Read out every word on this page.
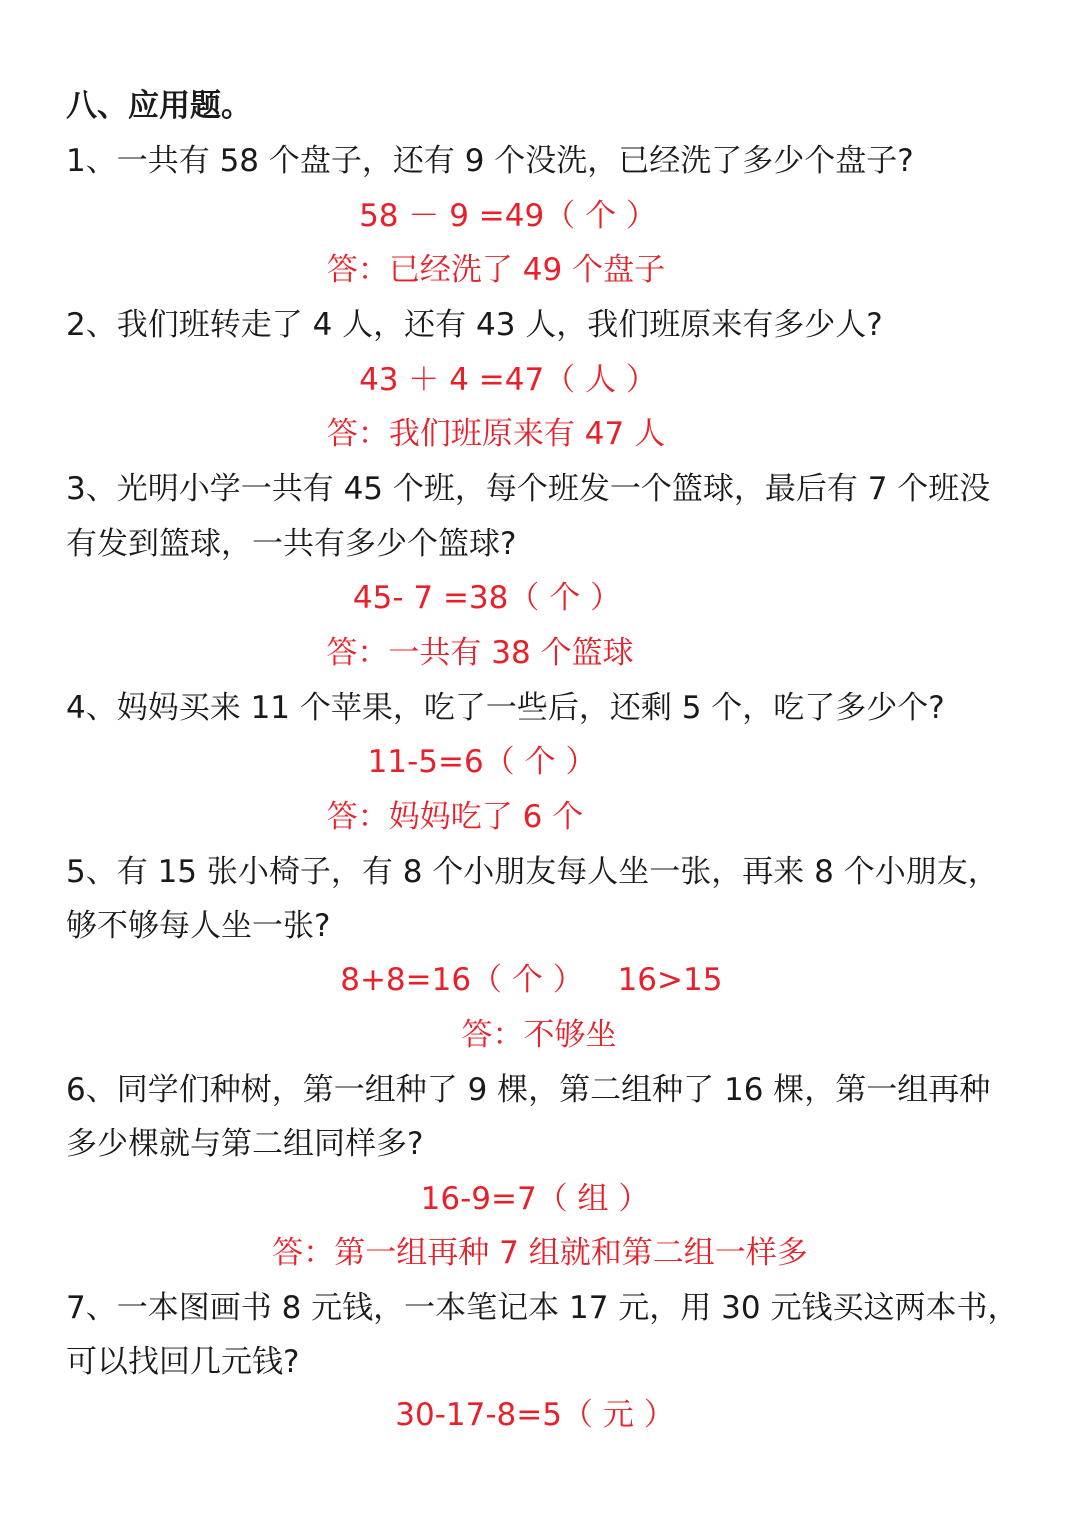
八、应用题。
1、一共有 58 个盘子，还有 9 个没洗，已经洗了多少个盘子?
58 － 9 =49（ 个 ）
答：已经洗了 49 个盘子
2、我们班转走了 4 人，还有 43 人，我们班原来有多少人?
43 ＋ 4 =47（ 人 ）
答：我们班原来有 47 人
3、光明小学一共有 45 个班，每个班发一个篮球，最后有 7 个班没
有发到篮球，一共有多少个篮球?
45- 7 =38（ 个 ）
答：一共有 38 个篮球
4、妈妈买来 11 个苹果，吃了一些后，还剩 5 个，吃了多少个?
11-5=6（ 个 ）
答：妈妈吃了 6 个
5、有 15 张小椅子，有 8 个小朋友每人坐一张，再来 8 个小朋友，
够不够每人坐一张?
8+8=16（ 个 ） 16>15
答：不够坐
6、同学们种树，第一组种了 9 棵，第二组种了 16 棵，第一组再种
多少棵就与第二组同样多?
16-9=7（ 组 ）
答：第一组再种 7 组就和第二组一样多
7、一本图画书 8 元钱，一本笔记本 17 元，用 30 元钱买这两本书，
可以找回几元钱?
30-17-8=5（ 元 ）
